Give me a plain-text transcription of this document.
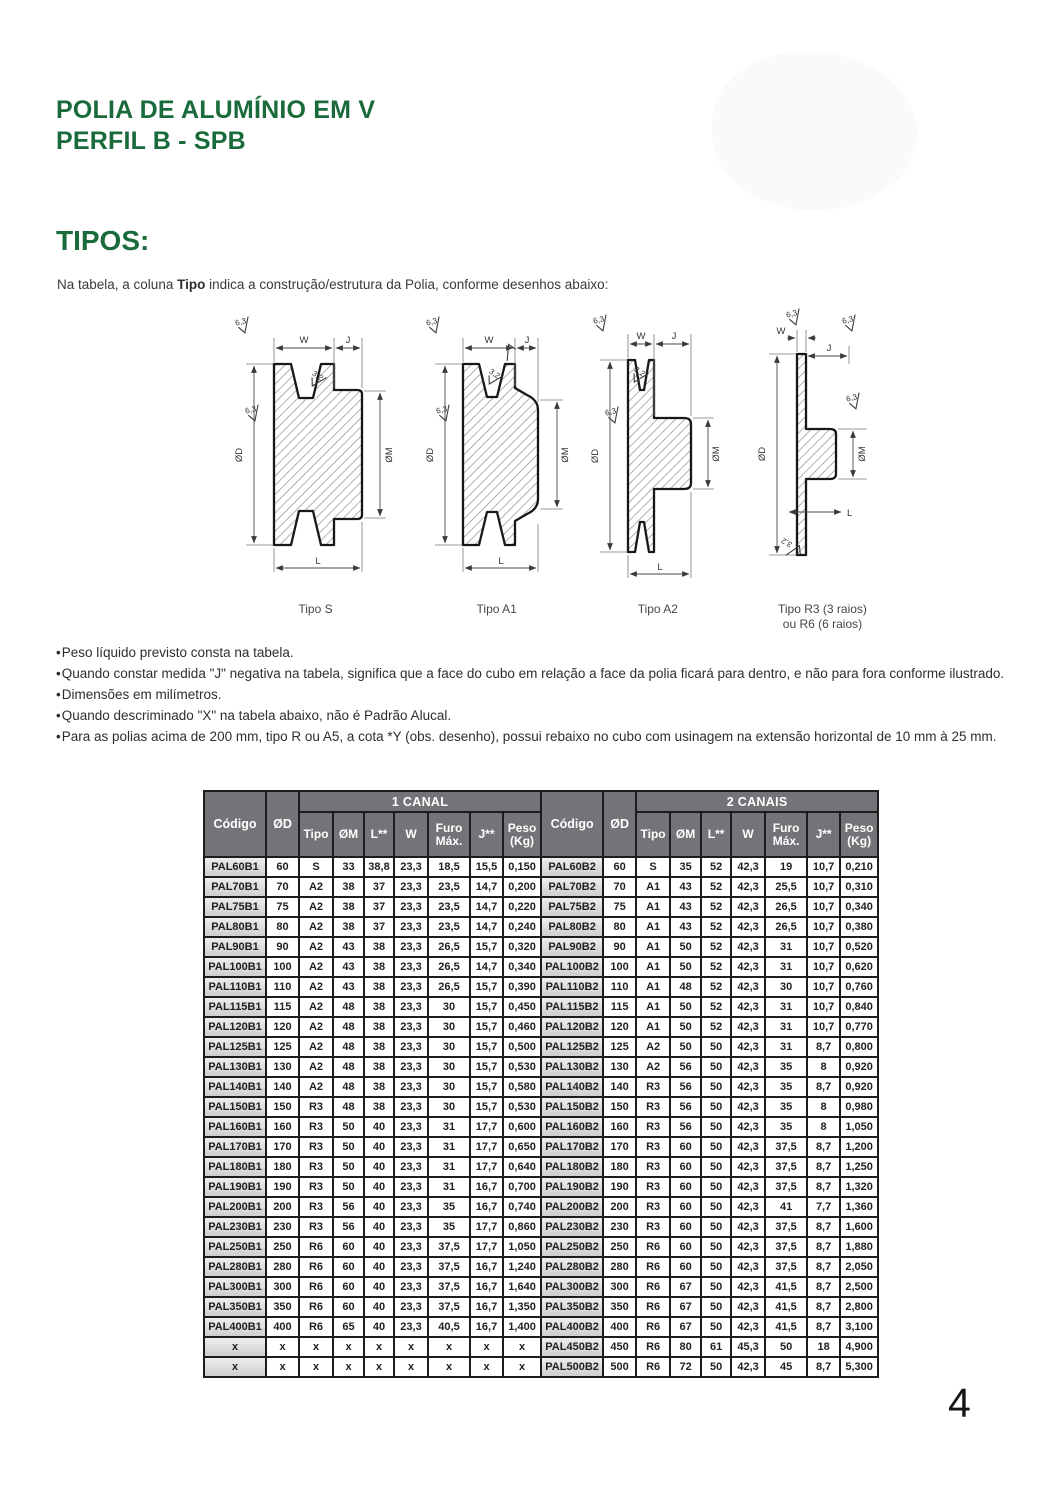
POLIA DE ALUMÍNIO EM V
PERFIL B - SPB
TIPOS:
Na tabela, a coluna Tipo indica a construção/estrutura da Polia, conforme desenhos abaixo:
ØD
W	J
ØM
L
6,3
6,3
3,2
Tipo S
ØD
W	J
ØM
L
6,3
6,3
3,2
Tipo A1
ØD
W	J
ØM
L
6,3
6,3
3,2
Tipo A2
ØD
W
J
ØM
L
6,3
6,3
6,3
3,2
Tipo R3 (3 raios)
ou R6 (6 raios)
• Peso líquido previsto consta na tabela.
• Quando constar medida "J" negativa na tabela, significa que a face do cubo em relação a face da polia ficará para dentro, e não para fora conforme ilustrado.
• Dimensões em milímetros.
• Quando descriminado "X" na tabela abaixo, não é Padrão Alucal.
• Para as polias acima de 200 mm, tipo R ou A5, a cota *Y (obs. desenho), possui rebaixo no cubo com usinagem na extensão horizontal de 10 mm à 25 mm.
Código	ØD	1 CANAL							Código	ØD	2 CANAIS						
		Tipo	ØM	L**	W	Furo Máx.	J**	Peso (Kg)			Tipo	ØM	L**	W	Furo Máx.	J**	Peso (Kg)
PAL60B1	60	S	33	38,8	23,3	18,5	15,5	0,150	PAL60B2	60	S	35	52	42,3	19	10,7	0,210
PAL70B1	70	A2	38	37	23,3	23,5	14,7	0,200	PAL70B2	70	A1	43	52	42,3	25,5	10,7	0,310
PAL75B1	75	A2	38	37	23,3	23,5	14,7	0,220	PAL75B2	75	A1	43	52	42,3	26,5	10,7	0,340
PAL80B1	80	A2	38	37	23,3	23,5	14,7	0,240	PAL80B2	80	A1	43	52	42,3	26,5	10,7	0,380
PAL90B1	90	A2	43	38	23,3	26,5	15,7	0,320	PAL90B2	90	A1	50	52	42,3	31	10,7	0,520
PAL100B1	100	A2	43	38	23,3	26,5	14,7	0,340	PAL100B2	100	A1	50	52	42,3	31	10,7	0,620
PAL110B1	110	A2	43	38	23,3	26,5	15,7	0,390	PAL110B2	110	A1	48	52	42,3	30	10,7	0,760
PAL115B1	115	A2	48	38	23,3	30	15,7	0,450	PAL115B2	115	A1	50	52	42,3	31	10,7	0,840
PAL120B1	120	A2	48	38	23,3	30	15,7	0,460	PAL120B2	120	A1	50	52	42,3	31	10,7	0,770
PAL125B1	125	A2	48	38	23,3	30	15,7	0,500	PAL125B2	125	A2	50	50	42,3	31	8,7	0,800
PAL130B1	130	A2	48	38	23,3	30	15,7	0,530	PAL130B2	130	A2	56	50	42,3	35	8	0,920
PAL140B1	140	A2	48	38	23,3	30	15,7	0,580	PAL140B2	140	R3	56	50	42,3	35	8,7	0,920
PAL150B1	150	R3	48	38	23,3	30	15,7	0,530	PAL150B2	150	R3	56	50	42,3	35	8	0,980
PAL160B1	160	R3	50	40	23,3	31	17,7	0,600	PAL160B2	160	R3	56	50	42,3	35	8	1,050
PAL170B1	170	R3	50	40	23,3	31	17,7	0,650	PAL170B2	170	R3	60	50	42,3	37,5	8,7	1,200
PAL180B1	180	R3	50	40	23,3	31	17,7	0,640	PAL180B2	180	R3	60	50	42,3	37,5	8,7	1,250
PAL190B1	190	R3	50	40	23,3	31	16,7	0,700	PAL190B2	190	R3	60	50	42,3	37,5	8,7	1,320
PAL200B1	200	R3	56	40	23,3	35	16,7	0,740	PAL200B2	200	R3	60	50	42,3	41	7,7	1,360
PAL230B1	230	R3	56	40	23,3	35	17,7	0,860	PAL230B2	230	R3	60	50	42,3	37,5	8,7	1,600
PAL250B1	250	R6	60	40	23,3	37,5	17,7	1,050	PAL250B2	250	R6	60	50	42,3	37,5	8,7	1,880
PAL280B1	280	R6	60	40	23,3	37,5	16,7	1,240	PAL280B2	280	R6	60	50	42,3	37,5	8,7	2,050
PAL300B1	300	R6	60	40	23,3	37,5	16,7	1,640	PAL300B2	300	R6	67	50	42,3	41,5	8,7	2,500
PAL350B1	350	R6	60	40	23,3	37,5	16,7	1,350	PAL350B2	350	R6	67	50	42,3	41,5	8,7	2,800
PAL400B1	400	R6	65	40	23,3	40,5	16,7	1,400	PAL400B2	400	R6	67	50	42,3	41,5	8,7	3,100
x	x	x	x	x	x	x	x	x	PAL450B2	450	R6	80	61	45,3	50	18	4,900
x	x	x	x	x	x	x	x	x	PAL500B2	500	R6	72	50	42,3	45	8,7	5,300
4
